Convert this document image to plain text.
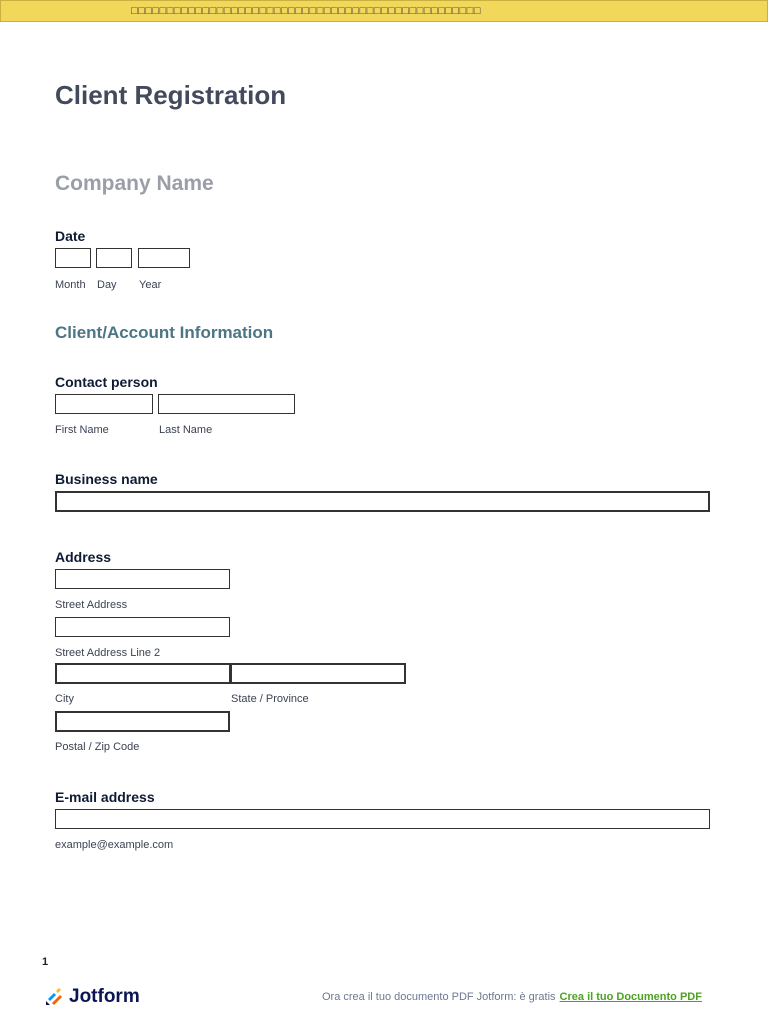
□□□□□□□□□□□□□□□□□□□□□□□□□□□□□□□□□□□□□□□□□□□□□□□□□
Client Registration
Company Name
Date
Month Day Year
Client/Account Information
Contact person
First Name	Last Name
Business name
Address
Street Address
Street Address Line 2
City	State / Province
Postal / Zip Code
E-mail address
example@example.com
1
Jotform	Ora crea il tuo documento PDF Jotform: è gratis Crea il tuo Documento PDF
